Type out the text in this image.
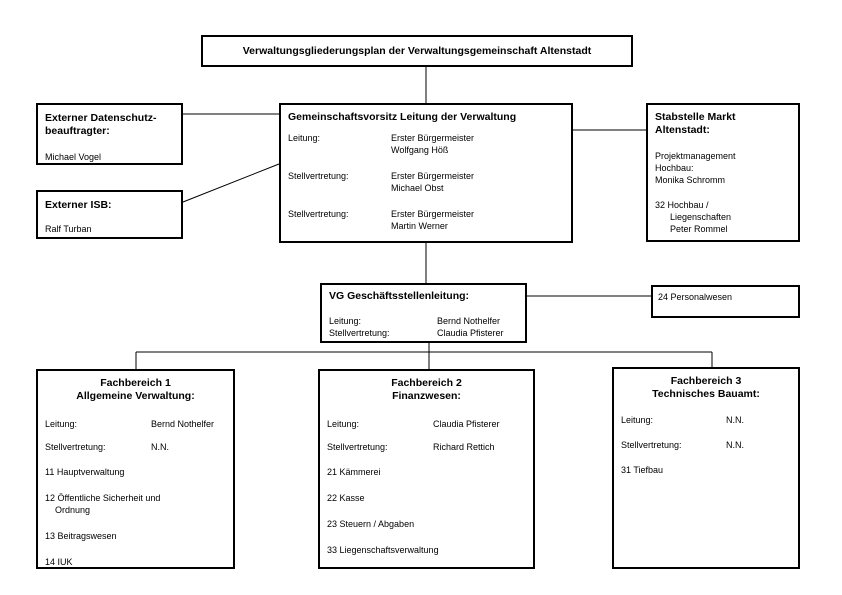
Verwaltungsgliederungsplan der Verwaltungsgemeinschaft Altenstadt
Externer Datenschutz-
beauftragter:
Michael Vogel
Externer ISB:
Ralf Turban
Gemeinschaftsvorsitz Leitung der Verwaltung
Leitung:	Erster Bürgermeister
Wolfgang Höß
Stellvertretung:	Erster Bürgermeister
Michael Obst
Stellvertretung:	Erster Bürgermeister
Martin Werner
Stabstelle Markt
Altenstadt:
Projektmanagement
Hochbau:
Monika Schromm
32 Hochbau /
Liegenschaften
Peter Rommel
VG Geschäftsstellenleitung:
Leitung:	Bernd Nothelfer
Stellvertretung:	Claudia Pfisterer
24 Personalwesen
Fachbereich 1
Allgemeine Verwaltung:
Leitung:	Bernd Nothelfer
Stellvertretung:	N.N.
11 Hauptverwaltung
12 Öffentliche Sicherheit und
Ordnung
13 Beitragswesen
14 IUK
Fachbereich 2
Finanzwesen:
Leitung:	Claudia Pfisterer
Stellvertretung:	Richard Rettich
21 Kämmerei
22 Kasse
23 Steuern / Abgaben
33 Liegenschaftsverwaltung
Fachbereich 3
Technisches Bauamt:
Leitung:	N.N.
Stellvertretung:	N.N.
31 Tiefbau
